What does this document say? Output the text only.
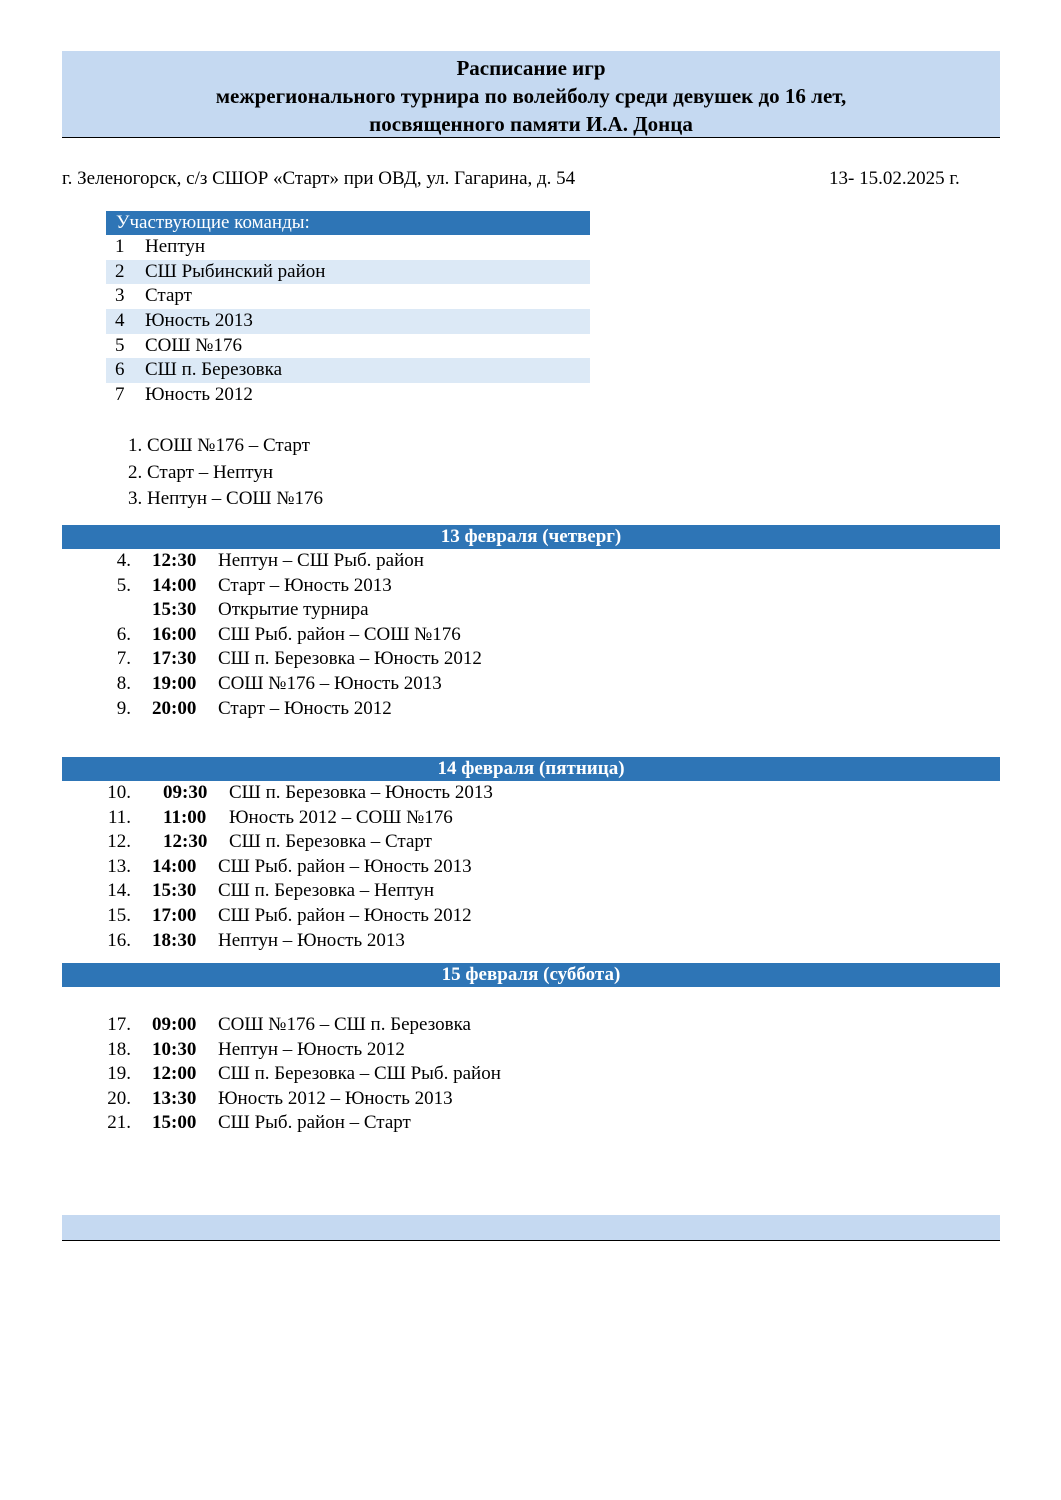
Расписание игр
межрегионального турнира по волейболу среди девушек до 16 лет,
посвященного памяти И.А. Донца
г. Зеленогорск, с/з СШОР «Старт» при ОВД, ул. Гагарина, д. 54	13- 15.02.2025 г.
Участвующие команды:
1	Нептун
2	СШ Рыбинский район
3	Старт
4	Юность 2013
5	СОШ №176
6	СШ п. Березовка
7	Юность 2012
1. СОШ №176 – Старт
2. Старт – Нептун
3. Нептун – СОШ №176
13 февраля (четверг)
4. 12:30 Нептун – СШ Рыб. район
5. 14:00 Старт – Юность 2013
15:30 Открытие турнира
6. 16:00 СШ Рыб. район – СОШ №176
7. 17:30 СШ п. Березовка – Юность 2012
8. 19:00 СОШ №176 – Юность 2013
9. 20:00 Старт – Юность 2012
14 февраля (пятница)
10. 09:30 СШ п. Березовка – Юность 2013
11. 11:00 Юность 2012 – СОШ №176
12. 12:30 СШ п. Березовка – Старт
13. 14:00 СШ Рыб. район – Юность 2013
14. 15:30 СШ п. Березовка – Нептун
15. 17:00 СШ Рыб. район – Юность 2012
16. 18:30 Нептун – Юность 2013
15 февраля (суббота)
17. 09:00 СОШ №176 – СШ п. Березовка
18. 10:30 Нептун – Юность 2012
19. 12:00 СШ п. Березовка – СШ Рыб. район
20. 13:30 Юность 2012 – Юность 2013
21. 15:00 СШ Рыб. район – Старт
